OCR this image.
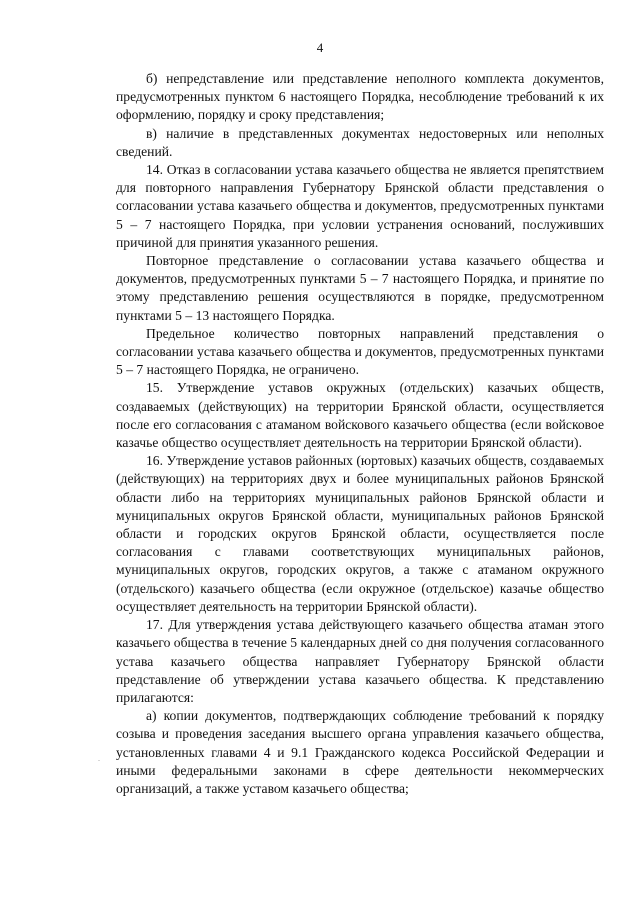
4

б) непредставление или представление неполного комплекта документов, предусмотренных пунктом 6 настоящего Порядка, несоблюдение требований к их оформлению, порядку и сроку представления;

в) наличие в представленных документах недостоверных или неполных сведений.

14. Отказ в согласовании устава казачьего общества не является препятствием для повторного направления Губернатору Брянской области представления о согласовании устава казачьего общества и документов, предусмотренных пунктами 5 – 7 настоящего Порядка, при условии устранения оснований, послуживших причиной для принятия указанного решения.

Повторное представление о согласовании устава казачьего общества и документов, предусмотренных пунктами 5 – 7 настоящего Порядка, и принятие по этому представлению решения осуществляются в порядке, предусмотренном пунктами 5 – 13 настоящего Порядка.

Предельное количество повторных направлений представления о согласовании устава казачьего общества и документов, предусмотренных пунктами 5 – 7 настоящего Порядка, не ограничено.

15. Утверждение уставов окружных (отдельских) казачьих обществ, создаваемых (действующих) на территории Брянской области, осуществляется после его согласования с атаманом войскового казачьего общества (если войсковое казачье общество осуществляет деятельность на территории Брянской области).

16. Утверждение уставов районных (юртовых) казачьих обществ, создаваемых (действующих) на территориях двух и более муниципальных районов Брянской области либо на территориях муниципальных районов Брянской области и муниципальных округов Брянской области, муниципальных районов Брянской области и городских округов Брянской области, осуществляется после согласования с главами соответствующих муниципальных районов, муниципальных округов, городских округов, а также с атаманом окружного (отдельского) казачьего общества (если окружное (отдельское) казачье общество осуществляет деятельность на территории Брянской области).

17. Для утверждения устава действующего казачьего общества атаман этого казачьего общества в течение 5 календарных дней со дня получения согласованного устава казачьего общества направляет Губернатору Брянской области представление об утверждении устава казачьего общества. К представлению прилагаются:

а) копии документов, подтверждающих соблюдение требований к порядку созыва и проведения заседания высшего органа управления казачьего общества, установленных главами 4 и 9.1 Гражданского кодекса Российской Федерации и иными федеральными законами в сфере деятельности некоммерческих организаций, а также уставом казачьего общества;
